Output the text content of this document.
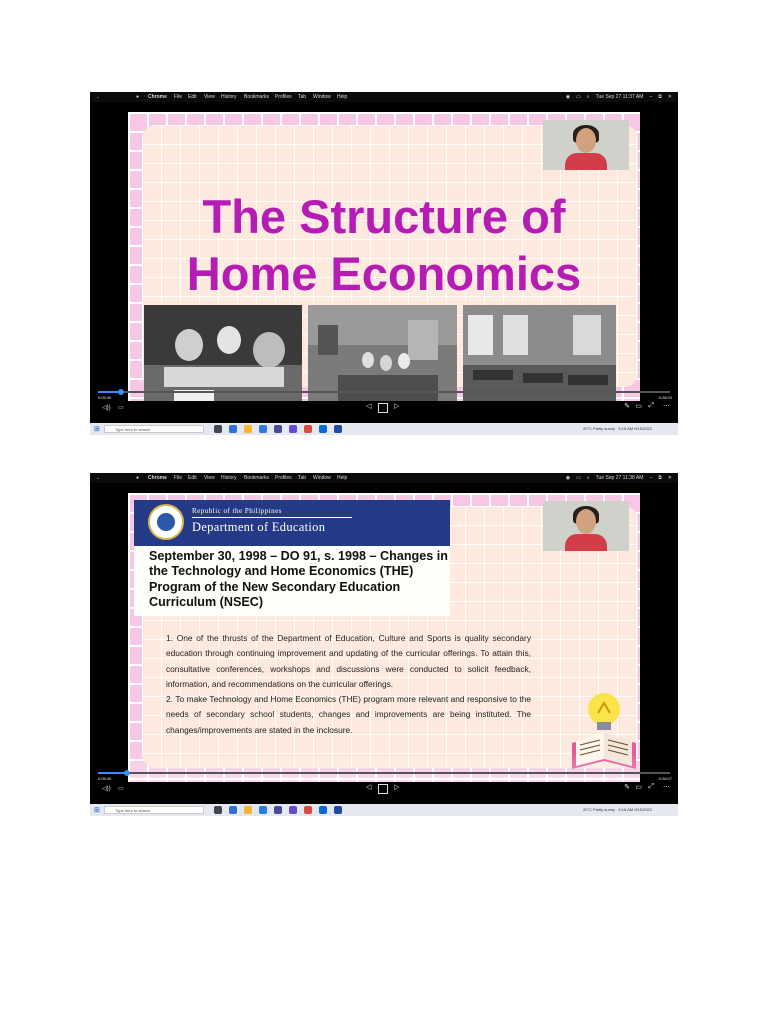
←	● Chrome File Edit View History Bookmarks Profiles Tab Window Help	◉ ▭ ⌕ Tue Sep 27 11:37 AM – ⧉ ✕
The Structure of
Home Economics
0:05:40	0:28:00
◁)) ▭	◁	▷	✎ ▭ ⤢ ⋯
⊞	Type here to search	20°C Partly sunny 9:16 AM 9/15/2022
←	● Chrome File Edit View History Bookmarks Profiles Tab Window Help	◉ ▭ ⌕ Tue Sep 27 11:38 AM – ⧉ ✕
Republic of the Philippines
Department of Education
September 30, 1998 – DO 91, s. 1998 – Changes in the Technology and Home Economics (THE) Program of the New Secondary Education Curriculum (NSEC)

1. One of the thrusts of the Department of Education, Culture and Sports is quality secondary education through continuing improvement and updating of the curricular offerings. To attain this, consultative conferences, workshops and discussions were conducted to solicit feedback, information, and recommendations on the curricular offerings.

2. To make Technology and Home Economics (THE) program more relevant and responsive to the needs of secondary school students, changes and improvements are being instituted. The changes/improvements are stated in the inclosure.

0:05:40	0:28:07
◁)) ▭	◁	▷	✎ ▭ ⤢ ⋯
⊞	Type here to search	20°C Partly sunny 9:16 AM 9/15/2022
